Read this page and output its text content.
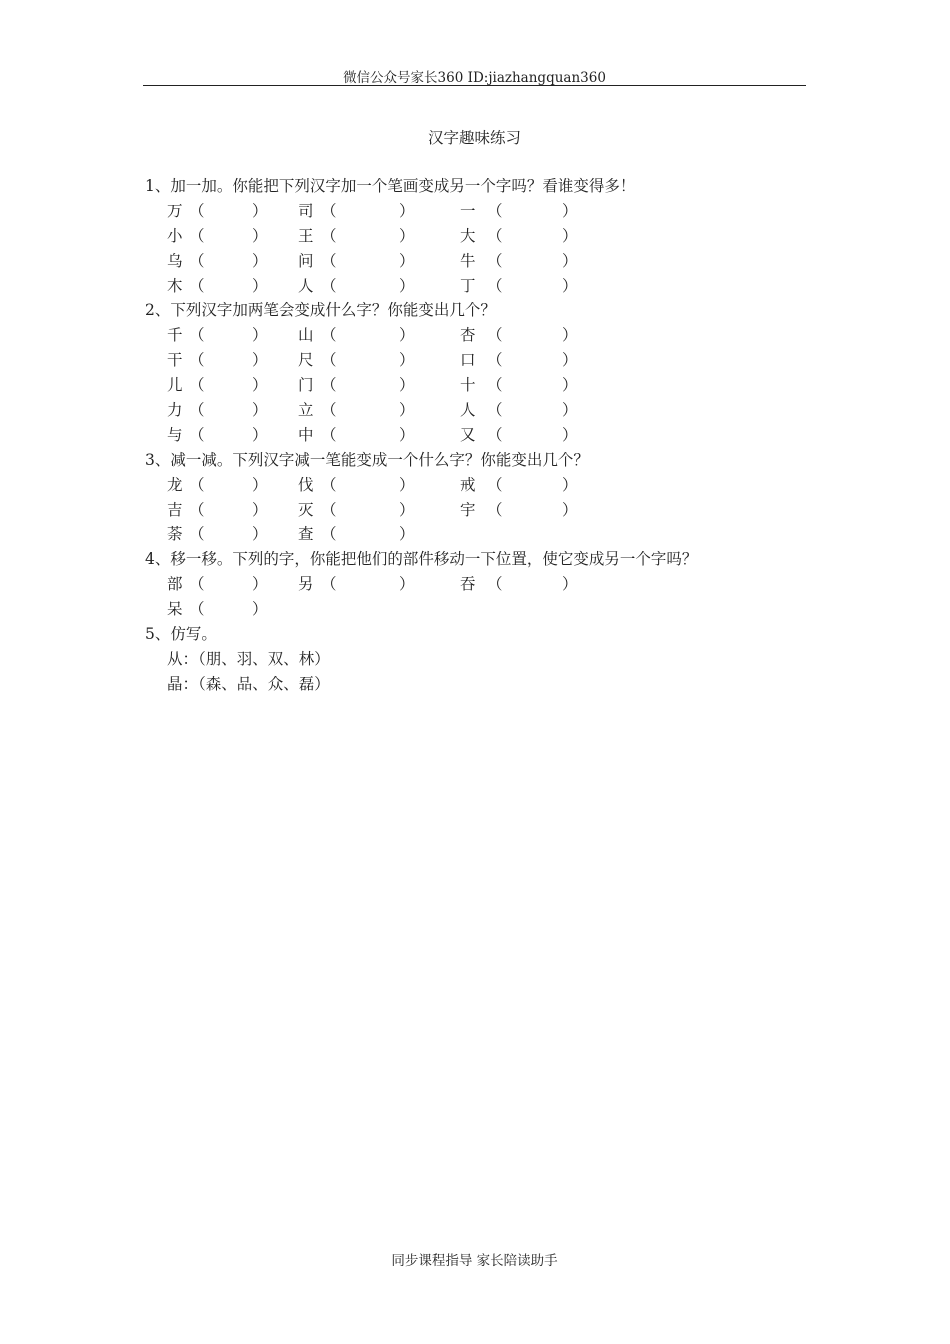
微信公众号家长360 ID:jiazhangquan360
汉字趣味练习
1、加一加。你能把下列汉字加一个笔画变成另一个字吗？看谁变得多！
万 （	） 司 （	）	一 （	）
小 （	） 王 （	）	大 （	）
乌 （	） 问 （	）	牛 （	）
木 （	） 人 （	）	丁 （	）
2、下列汉字加两笔会变成什么字？你能变出几个？
千 （	） 山 （	）	杏 （	）
干 （	） 尺 （	）	口 （	）
儿 （	） 门 （	）	十 （	）
力 （	） 立 （	）	人 （	）
与 （	） 中 （	）	又 （	）
3、减一减。下列汉字减一笔能变成一个什么字？你能变出几个？
龙 （	） 伐 （	）	戒 （	）
吉 （	） 灭 （	）	宇 （	）
荼 （	） 查 （	）
4、移一移。下列的字，你能把他们的部件移动一下位置，使它变成另一个字吗？
部 （	） 另 （	）	吞 （	）
呆 （	）
5、仿写。
从：（朋、羽、双、林）
晶：（森、品、众、磊）
同步课程指导 家长陪读助手
